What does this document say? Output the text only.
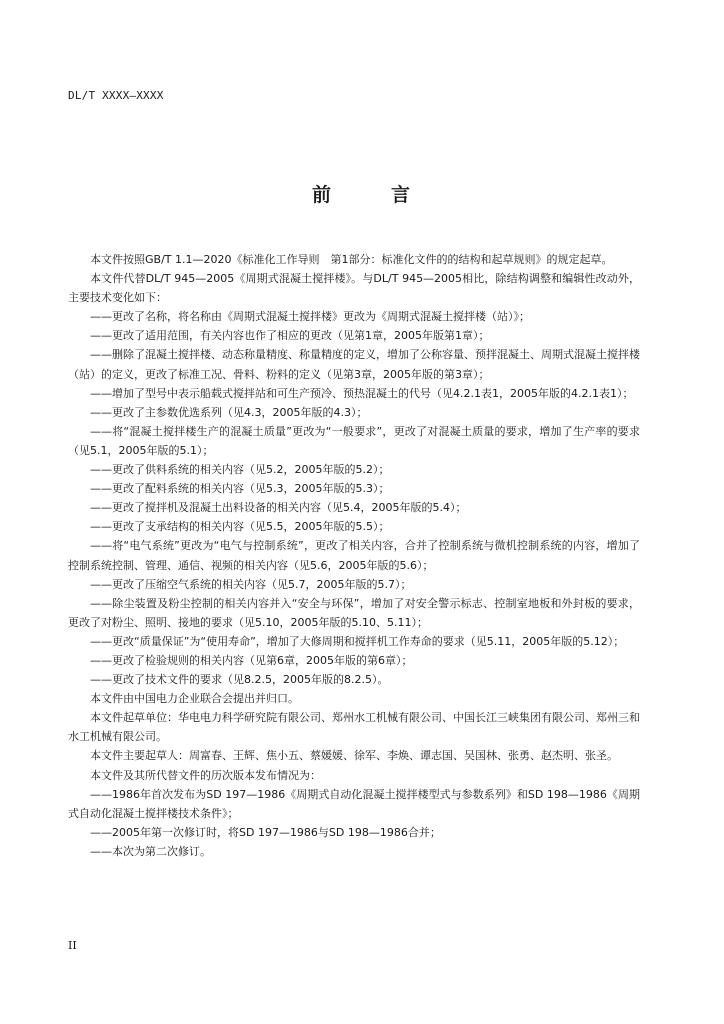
DL/T XXXX—XXXX
前	言

本文件按照GB/T 1.1—2020《标准化工作导则　第1部分：标准化文件的的结构和起草规则》的规定起草。

本文件代替DL/T 945—2005《周期式混凝土搅拌楼》。与DL/T 945—2005相比，除结构调整和编辑性改动外，主要技术变化如下：

——更改了名称，将名称由《周期式混凝土搅拌楼》更改为《周期式混凝土搅拌楼（站）》；

——更改了适用范围，有关内容也作了相应的更改（见第1章，2005年版第1章）；

——删除了混凝土搅拌楼、动态称量精度、称量精度的定义，增加了公称容量、预拌混凝土、周期式混凝土搅拌楼（站）的定义，更改了标准工况、骨料、粉料的定义（见第3章，2005年版的第3章）；

——增加了型号中表示船载式搅拌站和可生产预冷、预热混凝土的代号（见4.2.1表1，2005年版的4.2.1表1）；

——更改了主参数优选系列（见4.3，2005年版的4.3）；

——将“混凝土搅拌楼生产的混凝土质量”更改为“一般要求”，更改了对混凝土质量的要求，增加了生产率的要求（见5.1，2005年版的5.1）；

——更改了供料系统的相关内容（见5.2，2005年版的5.2）；

——更改了配料系统的相关内容（见5.3，2005年版的5.3）；

——更改了搅拌机及混凝土出料设备的相关内容（见5.4，2005年版的5.4）；

——更改了支承结构的相关内容（见5.5，2005年版的5.5）；

——将“电气系统”更改为“电气与控制系统”，更改了相关内容，合并了控制系统与微机控制系统的内容，增加了控制系统控制、管理、通信、视频的相关内容（见5.6，2005年版的5.6）；

——更改了压缩空气系统的相关内容（见5.7，2005年版的5.7）；

——除尘装置及粉尘控制的相关内容并入“安全与环保”，增加了对安全警示标志、控制室地板和外封板的要求，更改了对粉尘、照明、接地的要求（见5.10，2005年版的5.10、5.11）；

——更改“质量保证”为“使用寿命”，增加了大修周期和搅拌机工作寿命的要求（见5.11，2005年版的5.12）；

——更改了检验规则的相关内容（见第6章，2005年版的第6章）；

——更改了技术文件的要求（见8.2.5，2005年版的8.2.5）。

本文件由中国电力企业联合会提出并归口。

本文件起草单位：华电电力科学研究院有限公司、郑州水工机械有限公司、中国长江三峡集团有限公司、郑州三和水工机械有限公司。

本文件主要起草人：周富春、王辉、焦小五、蔡媛媛、徐军、李焕、谭志国、吴国林、张勇、赵杰明、张圣。

本文件及其所代替文件的历次版本发布情况为：

——1986年首次发布为SD 197—1986《周期式自动化混凝土搅拌楼型式与参数系列》和SD 198—1986《周期式自动化混凝土搅拌楼技术条件》；

——2005年第一次修订时，将SD 197—1986与SD 198—1986合并；

——本次为第二次修订。

II
